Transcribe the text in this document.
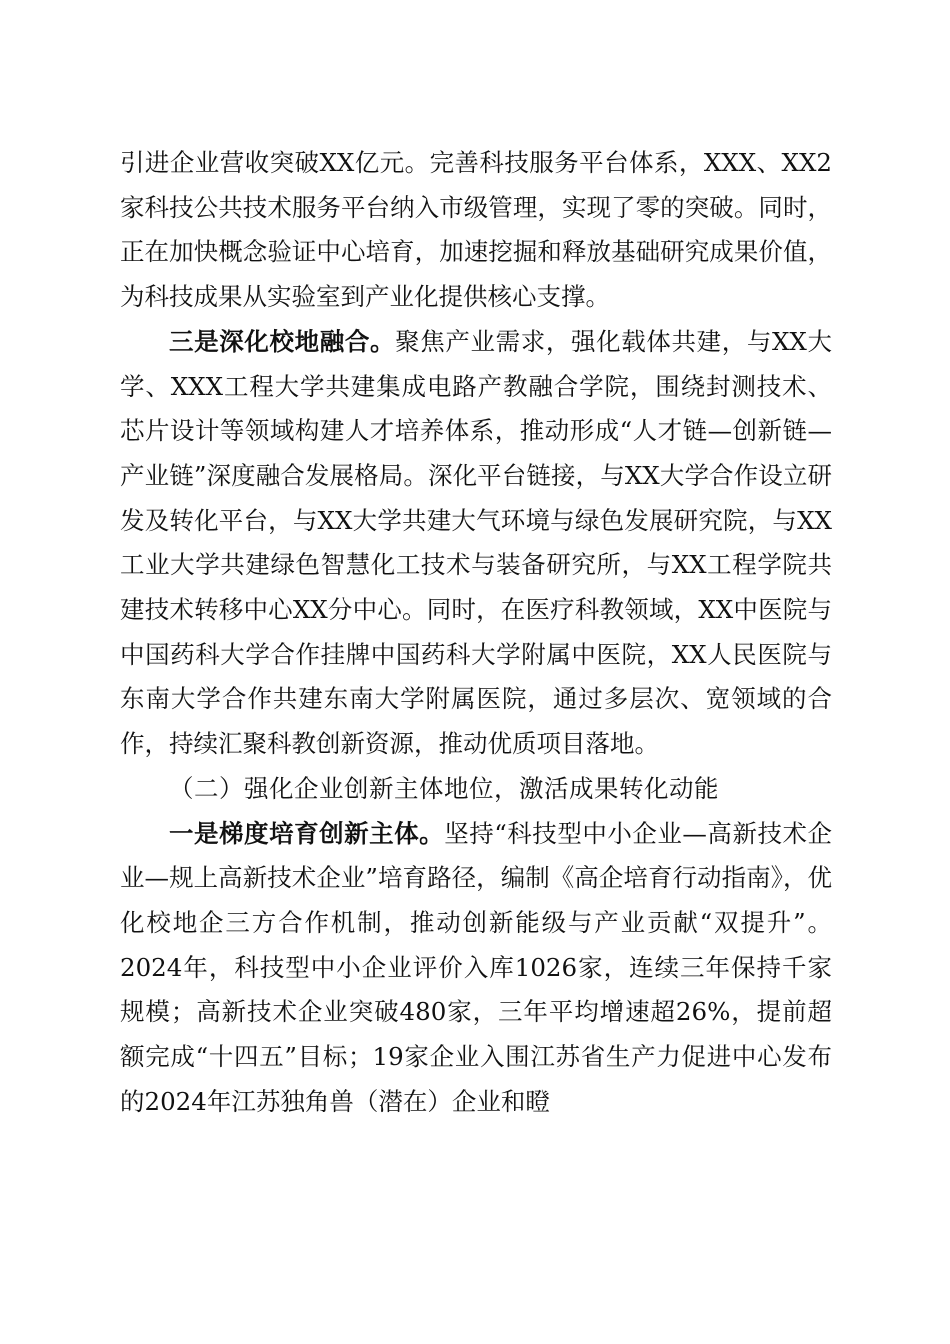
引进企业营收突破XX亿元。完善科技服务平台体系，XXX、XX2家科技公共技术服务平台纳入市级管理，实现了零的突破。同时，正在加快概念验证中心培育，加速挖掘和释放基础研究成果价值，为科技成果从实验室到产业化提供核心支撑。

三是深化校地融合。聚焦产业需求，强化载体共建，与XX大学、XXX工程大学共建集成电路产教融合学院，围绕封测技术、芯片设计等领域构建人才培养体系，推动形成“人才链—创新链—产业链”深度融合发展格局。深化平台链接，与XX大学合作设立研发及转化平台，与XX大学共建大气环境与绿色发展研究院，与XX工业大学共建绿色智慧化工技术与装备研究所，与XX工程学院共建技术转移中心XX分中心。同时，在医疗科教领域，XX中医院与中国药科大学合作挂牌中国药科大学附属中医院，XX人民医院与东南大学合作共建东南大学附属医院，通过多层次、宽领域的合作，持续汇聚科教创新资源，推动优质项目落地。

（二）强化企业创新主体地位，激活成果转化动能

一是梯度培育创新主体。坚持“科技型中小企业—高新技术企业—规上高新技术企业”培育路径，编制《高企培育行动指南》，优化校地企三方合作机制，推动创新能级与产业贡献“双提升”。2024年，科技型中小企业评价入库1026家，连续三年保持千家规模；高新技术企业突破480家，三年平均增速超26%，提前超额完成“十四五”目标；19家企业入围江苏省生产力促进中心发布的2024年江苏独角兽（潜在）企业和瞪
